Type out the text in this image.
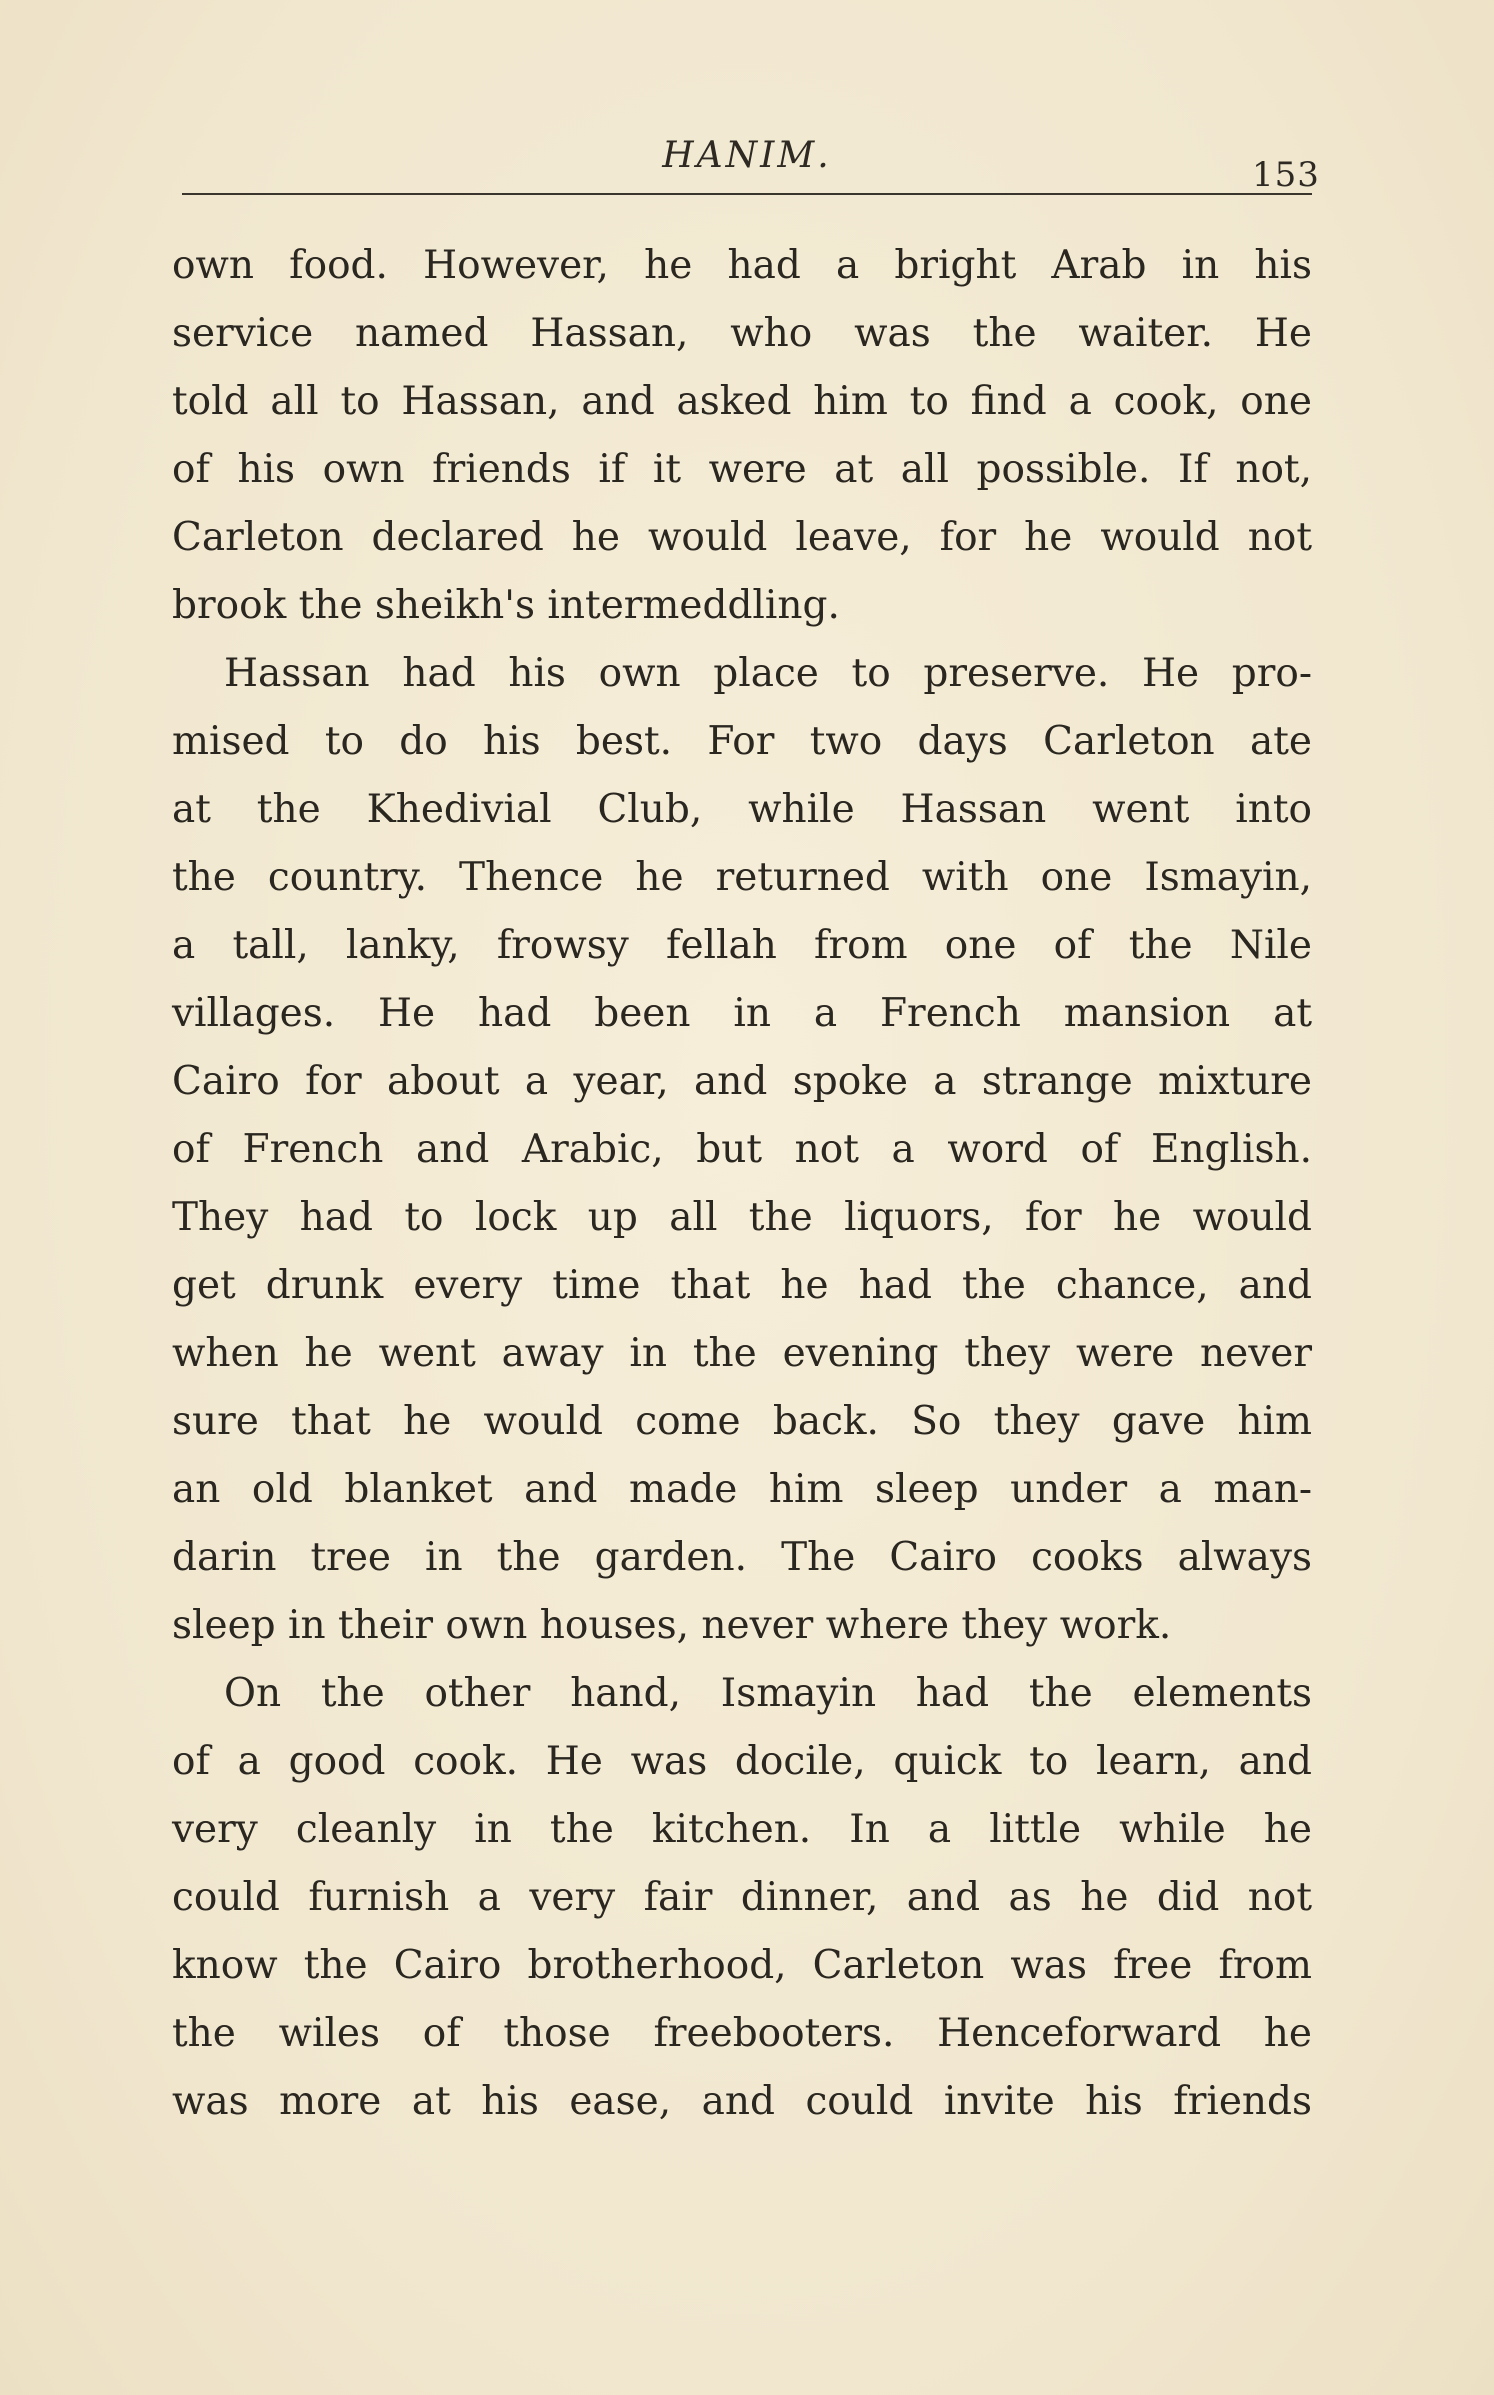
HANIM.	153
own food. However, he had a bright Arab in his
service named Hassan, who was the waiter. He
told all to Hassan, and asked him to find a cook, one
of his own friends if it were at all possible. If not,
Carleton declared he would leave, for he would not
brook the sheikh's intermeddling.
Hassan had his own place to preserve. He pro-
mised to do his best. For two days Carleton ate
at the Khedivial Club, while Hassan went into
the country. Thence he returned with one Ismayin,
a tall, lanky, frowsy fellah from one of the Nile
villages. He had been in a French mansion at
Cairo for about a year, and spoke a strange mixture
of French and Arabic, but not a word of English.
They had to lock up all the liquors, for he would
get drunk every time that he had the chance, and
when he went away in the evening they were never
sure that he would come back. So they gave him
an old blanket and made him sleep under a man-
darin tree in the garden. The Cairo cooks always
sleep in their own houses, never where they work.
On the other hand, Ismayin had the elements
of a good cook. He was docile, quick to learn, and
very cleanly in the kitchen. In a little while he
could furnish a very fair dinner, and as he did not
know the Cairo brotherhood, Carleton was free from
the wiles of those freebooters. Henceforward he
was more at his ease, and could invite his friends
